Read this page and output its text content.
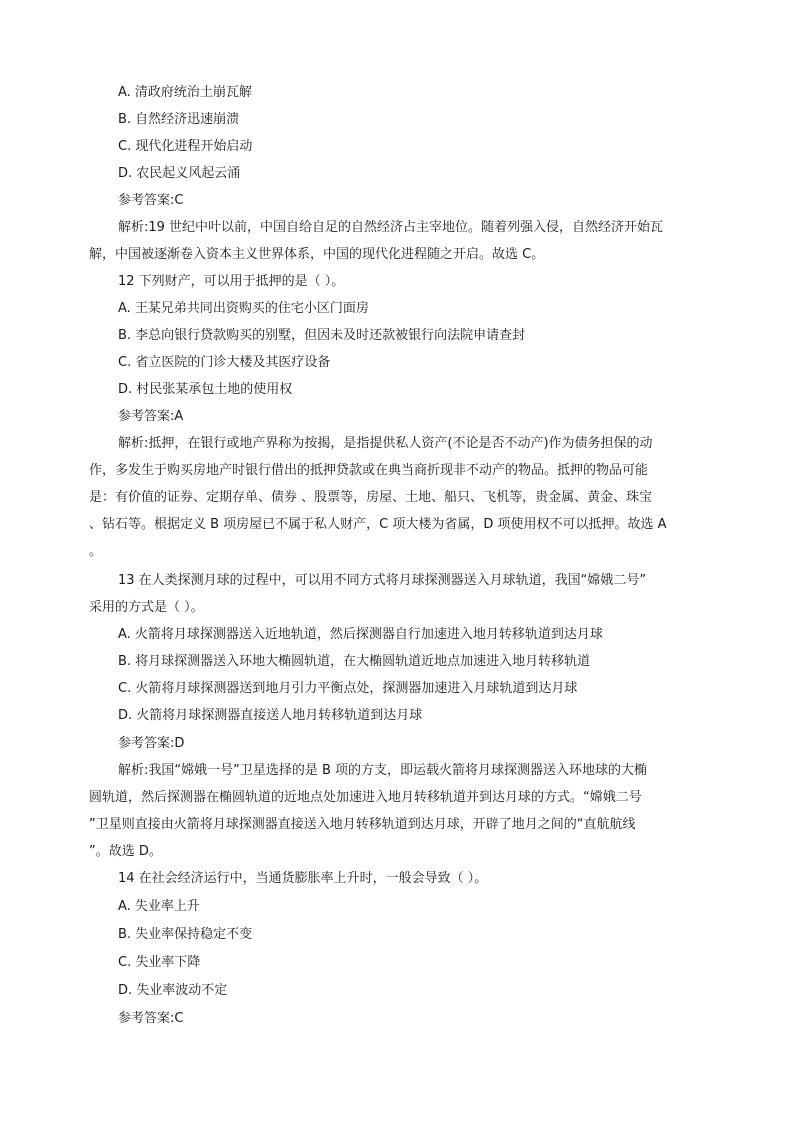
A. 清政府统治土崩瓦解
B. 自然经济迅速崩溃
C. 现代化进程开始启动
D. 农民起义风起云涌
参考答案:C
解析:19 世纪中叶以前，中国自给自足的自然经济占主宰地位。随着列强入侵，自然经济开始瓦
解，中国被逐渐卷入资本主义世界体系，中国的现代化进程随之开启。故选 C。
12 下列财产，可以用于抵押的是（ ）。
A. 王某兄弟共同出资购买的住宅小区门面房
B. 李总向银行贷款购买的别墅，但因未及时还款被银行向法院申请查封
C. 省立医院的门诊大楼及其医疗设备
D. 村民张某承包土地的使用权
参考答案:A
解析:抵押，在银行或地产界称为按揭，是指提供私人资产(不论是否不动产)作为债务担保的动
作，多发生于购买房地产时银行借出的抵押贷款或在典当商折现非不动产的物品。抵押的物品可能
是：有价值的证券、定期存单、债券 、股票等，房屋、土地、船只、飞机等，贵金属、黄金、珠宝
、钻石等。根据定义 B 项房屋已不属于私人财产，C 项大楼为省属，D 项使用权不可以抵押。故选 A
。
13 在人类探测月球的过程中，可以用不同方式将月球探测器送入月球轨道，我国“嫦娥二号”
采用的方式是（ ）。
A. 火箭将月球探测器送入近地轨道，然后探测器自行加速进入地月转移轨道到达月球
B. 将月球探测器送入环地大椭圆轨道，在大椭圆轨道近地点加速进入地月转移轨道
C. 火箭将月球探测器送到地月引力平衡点处，探测器加速进入月球轨道到达月球
D. 火箭将月球探测器直接送人地月转移轨道到达月球
参考答案:D
解析:我国“嫦娥一号”卫星选择的是 B 项的方支，即运载火箭将月球探测器送入环地球的大椭
圆轨道，然后探测器在椭圆轨道的近地点处加速进入地月转移轨道并到达月球的方式。“嫦娥二号
”卫星则直接由火箭将月球探测器直接送入地月转移轨道到达月球，开辟了地月之间的“直航航线
”。故选 D。
14 在社会经济运行中，当通货膨胀率上升时，一般会导致（ ）。
A. 失业率上升
B. 失业率保持稳定不变
C. 失业率下降
D. 失业率波动不定
参考答案:C
